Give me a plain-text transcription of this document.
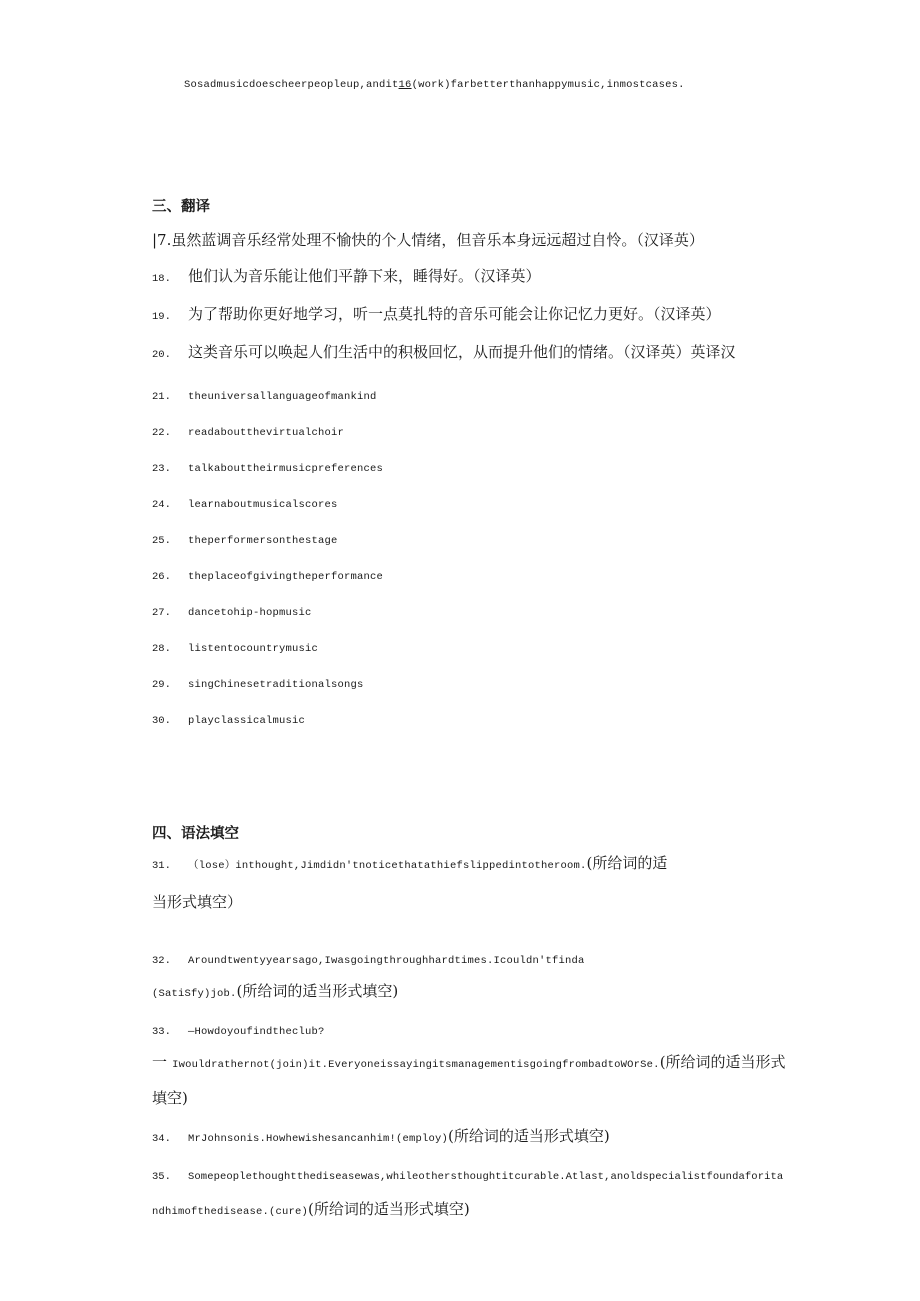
Sosadmusicdoescheerpeopleup,andit16(work)farbetterthanhappymusic,inmostcases.
三、翻译
|7.虽然蓝调音乐经常处理不愉快的个人情绪，但音乐本身远远超过自怜。（汉译英）
18. 他们认为音乐能让他们平静下来，睡得好。（汉译英）
19. 为了帮助你更好地学习，听一点莫扎特的音乐可能会让你记忆力更好。（汉译英）
20. 这类音乐可以唤起人们生活中的积极回忆，从而提升他们的情绪。（汉译英）英译汉
21. theuniversallanguageofmankind
22. readaboutthevirtualchoir
23. talkabouttheirmusicpreferences
24. learnaboutmusicalscores
25. theperformersonthestage
26. theplaceofgivingtheperformance
27. dancetohip-hopmusic
28. listentocountrymusic
29. singChinesetraditionalsongs
30. playclassicalmusic
四、语法填空
31. （lose）inthought,Jimdidn'tnoticethatathiefslippedintotheroom.(所给词的适
当形式填空）
32. Aroundtwentyyearsago,Iwasgoingthroughhardtimes.Icouldn'tfinda
(SatiSfy)job.(所给词的适当形式填空)
33. —Howdoyoufindtheclub?
一 Iwouldrathernot(join)it.EveryoneissayingitsmanagementisgoingfrombadtoWOrSe.(所给词的适当形式
填空)
34. MrJohnsonis.Howhewishesancanhim!(employ)(所给词的适当形式填空)
35. Somepeoplethoughtthediseasewas,whileothersthoughtitcurable.Atlast,anoldspecialistfoundaforita
ndhimofthedisease.(cure)(所给词的适当形式填空)
